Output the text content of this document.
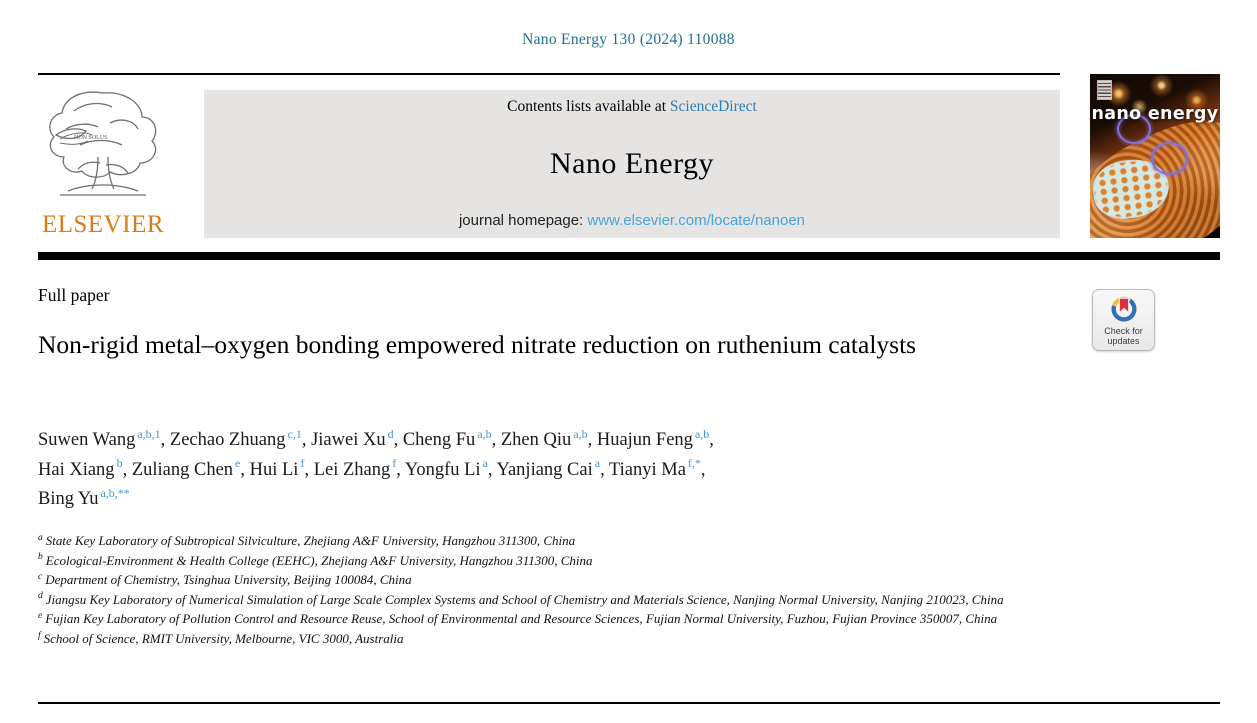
Nano Energy 130 (2024) 110088
NON SOLUS
ELSEVIER
Contents lists available at ScienceDirect
Nano Energy
journal homepage: www.elsevier.com/locate/nanoen
nano energy
Full paper
Non-rigid metal–oxygen bonding empowered nitrate reduction on ruthenium catalysts	Check for updates
Suwen Wang $^{a,b,1}$, Zechao Zhuang $^{c,1}$, Jiawei Xu $^d$, Cheng Fu $^{a,b}$, Zhen Qiu $^{a,b}$, Huajun Feng $^{a,b}$,
Hai Xiang $^b$, Zuliang Chen $^e$, Hui Li $^f$, Lei Zhang $^f$, Yongfu Li $^a$, Yanjiang Cai $^a$, Tianyi Ma $^{f,*}$,
Bing Yu $^{a,b,**}$
$^a$ State Key Laboratory of Subtropical Silviculture, Zhejiang A&F University, Hangzhou 311300, China
$^b$ Ecological-Environment & Health College (EEHC), Zhejiang A&F University, Hangzhou 311300, China
$^c$ Department of Chemistry, Tsinghua University, Beijing 100084, China
$^d$ Jiangsu Key Laboratory of Numerical Simulation of Large Scale Complex Systems and School of Chemistry and Materials Science, Nanjing Normal University, Nanjing 210023, China
$^e$ Fujian Key Laboratory of Pollution Control and Resource Reuse, School of Environmental and Resource Sciences, Fujian Normal University, Fuzhou, Fujian Province 350007, China
$^f$ School of Science, RMIT University, Melbourne, VIC 3000, Australia
